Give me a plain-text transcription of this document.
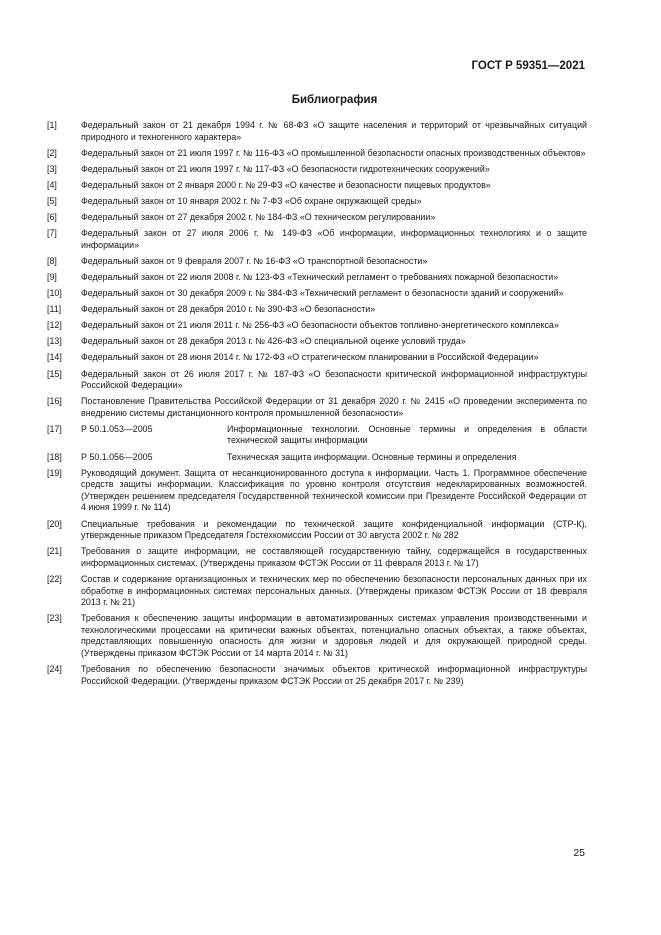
ГОСТ Р 59351—2021
Библиография
[1]	Федеральный закон от 21 декабря 1994 г. № 68-ФЗ «О защите населения и территорий от чрезвычайных ситуаций природного и техногенного характера»
[2]	Федеральный закон от 21 июля 1997 г. № 116-ФЗ «О промышленной безопасности опасных производственных объектов»
[3]	Федеральный закон от 21 июля 1997 г. № 117-ФЗ «О безопасности гидротехнических сооружений»
[4]	Федеральный закон от 2 января 2000 г. № 29-ФЗ «О качестве и безопасности пищевых продуктов»
[5]	Федеральный закон от 10 января 2002 г. № 7-ФЗ «Об охране окружающей среды»
[6]	Федеральный закон от 27 декабря 2002 г. № 184-ФЗ «О техническом регулировании»
[7]	Федеральный закон от 27 июля 2006 г. № 149-ФЗ «Об информации, информационных технологиях и о защите информации»
[8]	Федеральный закон от 9 февраля 2007 г. № 16-ФЗ «О транспортной безопасности»
[9]	Федеральный закон от 22 июля 2008 г. № 123-ФЗ «Технический регламент о требованиях пожарной безопасности»
[10]	Федеральный закон от 30 декабря 2009 г. № 384-ФЗ «Технический регламент о безопасности зданий и сооружений»
[11]	Федеральный закон от 28 декабря 2010 г. № 390-ФЗ «О безопасности»
[12]	Федеральный закон от 21 июля 2011 г. № 256-ФЗ «О безопасности объектов топливно-энергетического комплекса»
[13]	Федеральный закон от 28 декабря 2013 г. № 426-ФЗ «О специальной оценке условий труда»
[14]	Федеральный закон от 28 июня 2014 г. № 172-ФЗ «О стратегическом планировании в Российской Федерации»
[15]	Федеральный закон от 26 июля 2017 г. № 187-ФЗ «О безопасности критической информационной инфраструктуры Российской Федерации»
[16]	Постановление Правительства Российской Федерации от 31 декабря 2020 г. № 2415 «О проведении эксперимента по внедрению системы дистанционного контроля промышленной безопасности»
[17]	Р 50.1.053—2005	Информационные технологии. Основные термины и определения в области технической защиты информации
[18]	Р 50.1.056—2005	Техническая защита информации. Основные термины и определения
[19]	Руководящий документ. Защита от несанкционированного доступа к информации. Часть 1. Программное обеспечение средств защиты информации. Классификация по уровню контроля отсутствия недекларированных возможностей. (Утвержден решением председателя Государственной технической комиссии при Президенте Российской Федерации от 4 июня 1999 г. № 114)
[20]	Специальные требования и рекомендации по технической защите конфиденциальной информации (СТР-К), утвержденные приказом Председателя Гостехкомиссии России от 30 августа 2002 г. № 282
[21]	Требования о защите информации, не составляющей государственную тайну, содержащейся в государственных информационных системах. (Утверждены приказом ФСТЭК России от 11 февраля 2013 г. № 17)
[22]	Состав и содержание организационных и технических мер по обеспечению безопасности персональных данных при их обработке в информационных системах персональных данных. (Утверждены приказом ФСТЭК России от 18 февраля 2013 г. № 21)
[23]	Требования к обеспечению защиты информации в автоматизированных системах управления производственными и технологическими процессами на критически важных объектах, потенциально опасных объектах, а также объектах, представляющих повышенную опасность для жизни и здоровья людей и для окружающей природной среды. (Утверждены приказом ФСТЭК России от 14 марта 2014 г. № 31)
[24]	Требования по обеспечению безопасности значимых объектов критической информационной инфраструктуры Российской Федерации. (Утверждены приказом ФСТЭК России от 25 декабря 2017 г. № 239)
25
